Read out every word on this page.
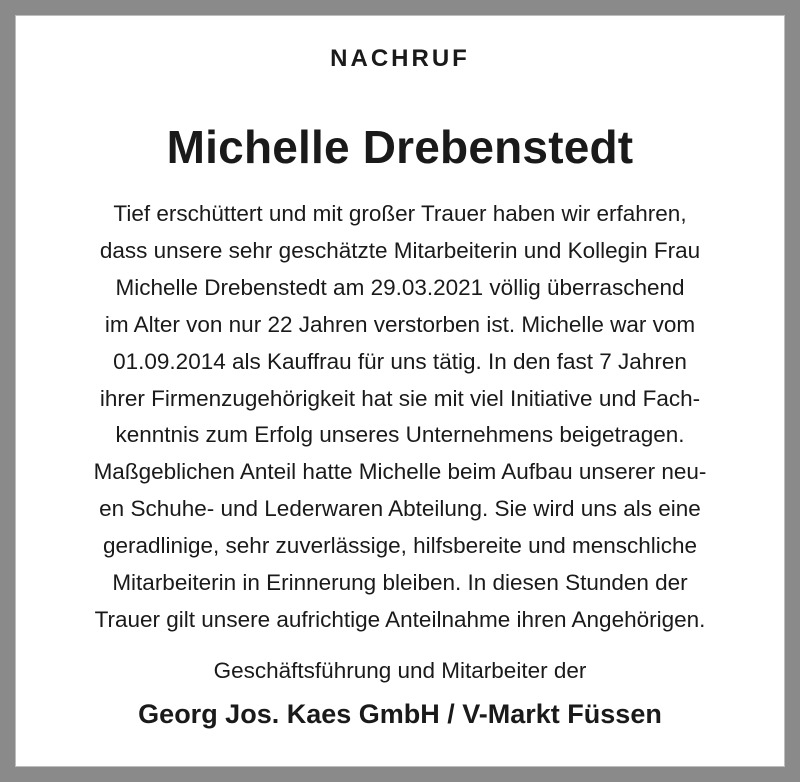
NACHRUF
Michelle Drebenstedt
Tief erschüttert und mit großer Trauer haben wir erfahren,
dass unsere sehr geschätzte Mitarbeiterin und Kollegin Frau
Michelle Drebenstedt am 29.03.2021 völlig überraschend
im Alter von nur 22 Jahren verstorben ist. Michelle war vom
01.09.2014 als Kauffrau für uns tätig. In den fast 7 Jahren
ihrer Firmenzugehörigkeit hat sie mit viel Initiative und Fach-
kenntnis zum Erfolg unseres Unternehmens beigetragen.
Maßgeblichen Anteil hatte Michelle beim Aufbau unserer neu-
en Schuhe- und Lederwaren Abteilung. Sie wird uns als eine
geradlinige, sehr zuverlässige, hilfsbereite und menschliche
Mitarbeiterin in Erinnerung bleiben. In diesen Stunden der
Trauer gilt unsere aufrichtige Anteilnahme ihren Angehörigen.
Geschäftsführung und Mitarbeiter der
Georg Jos. Kaes GmbH / V-Markt Füssen
